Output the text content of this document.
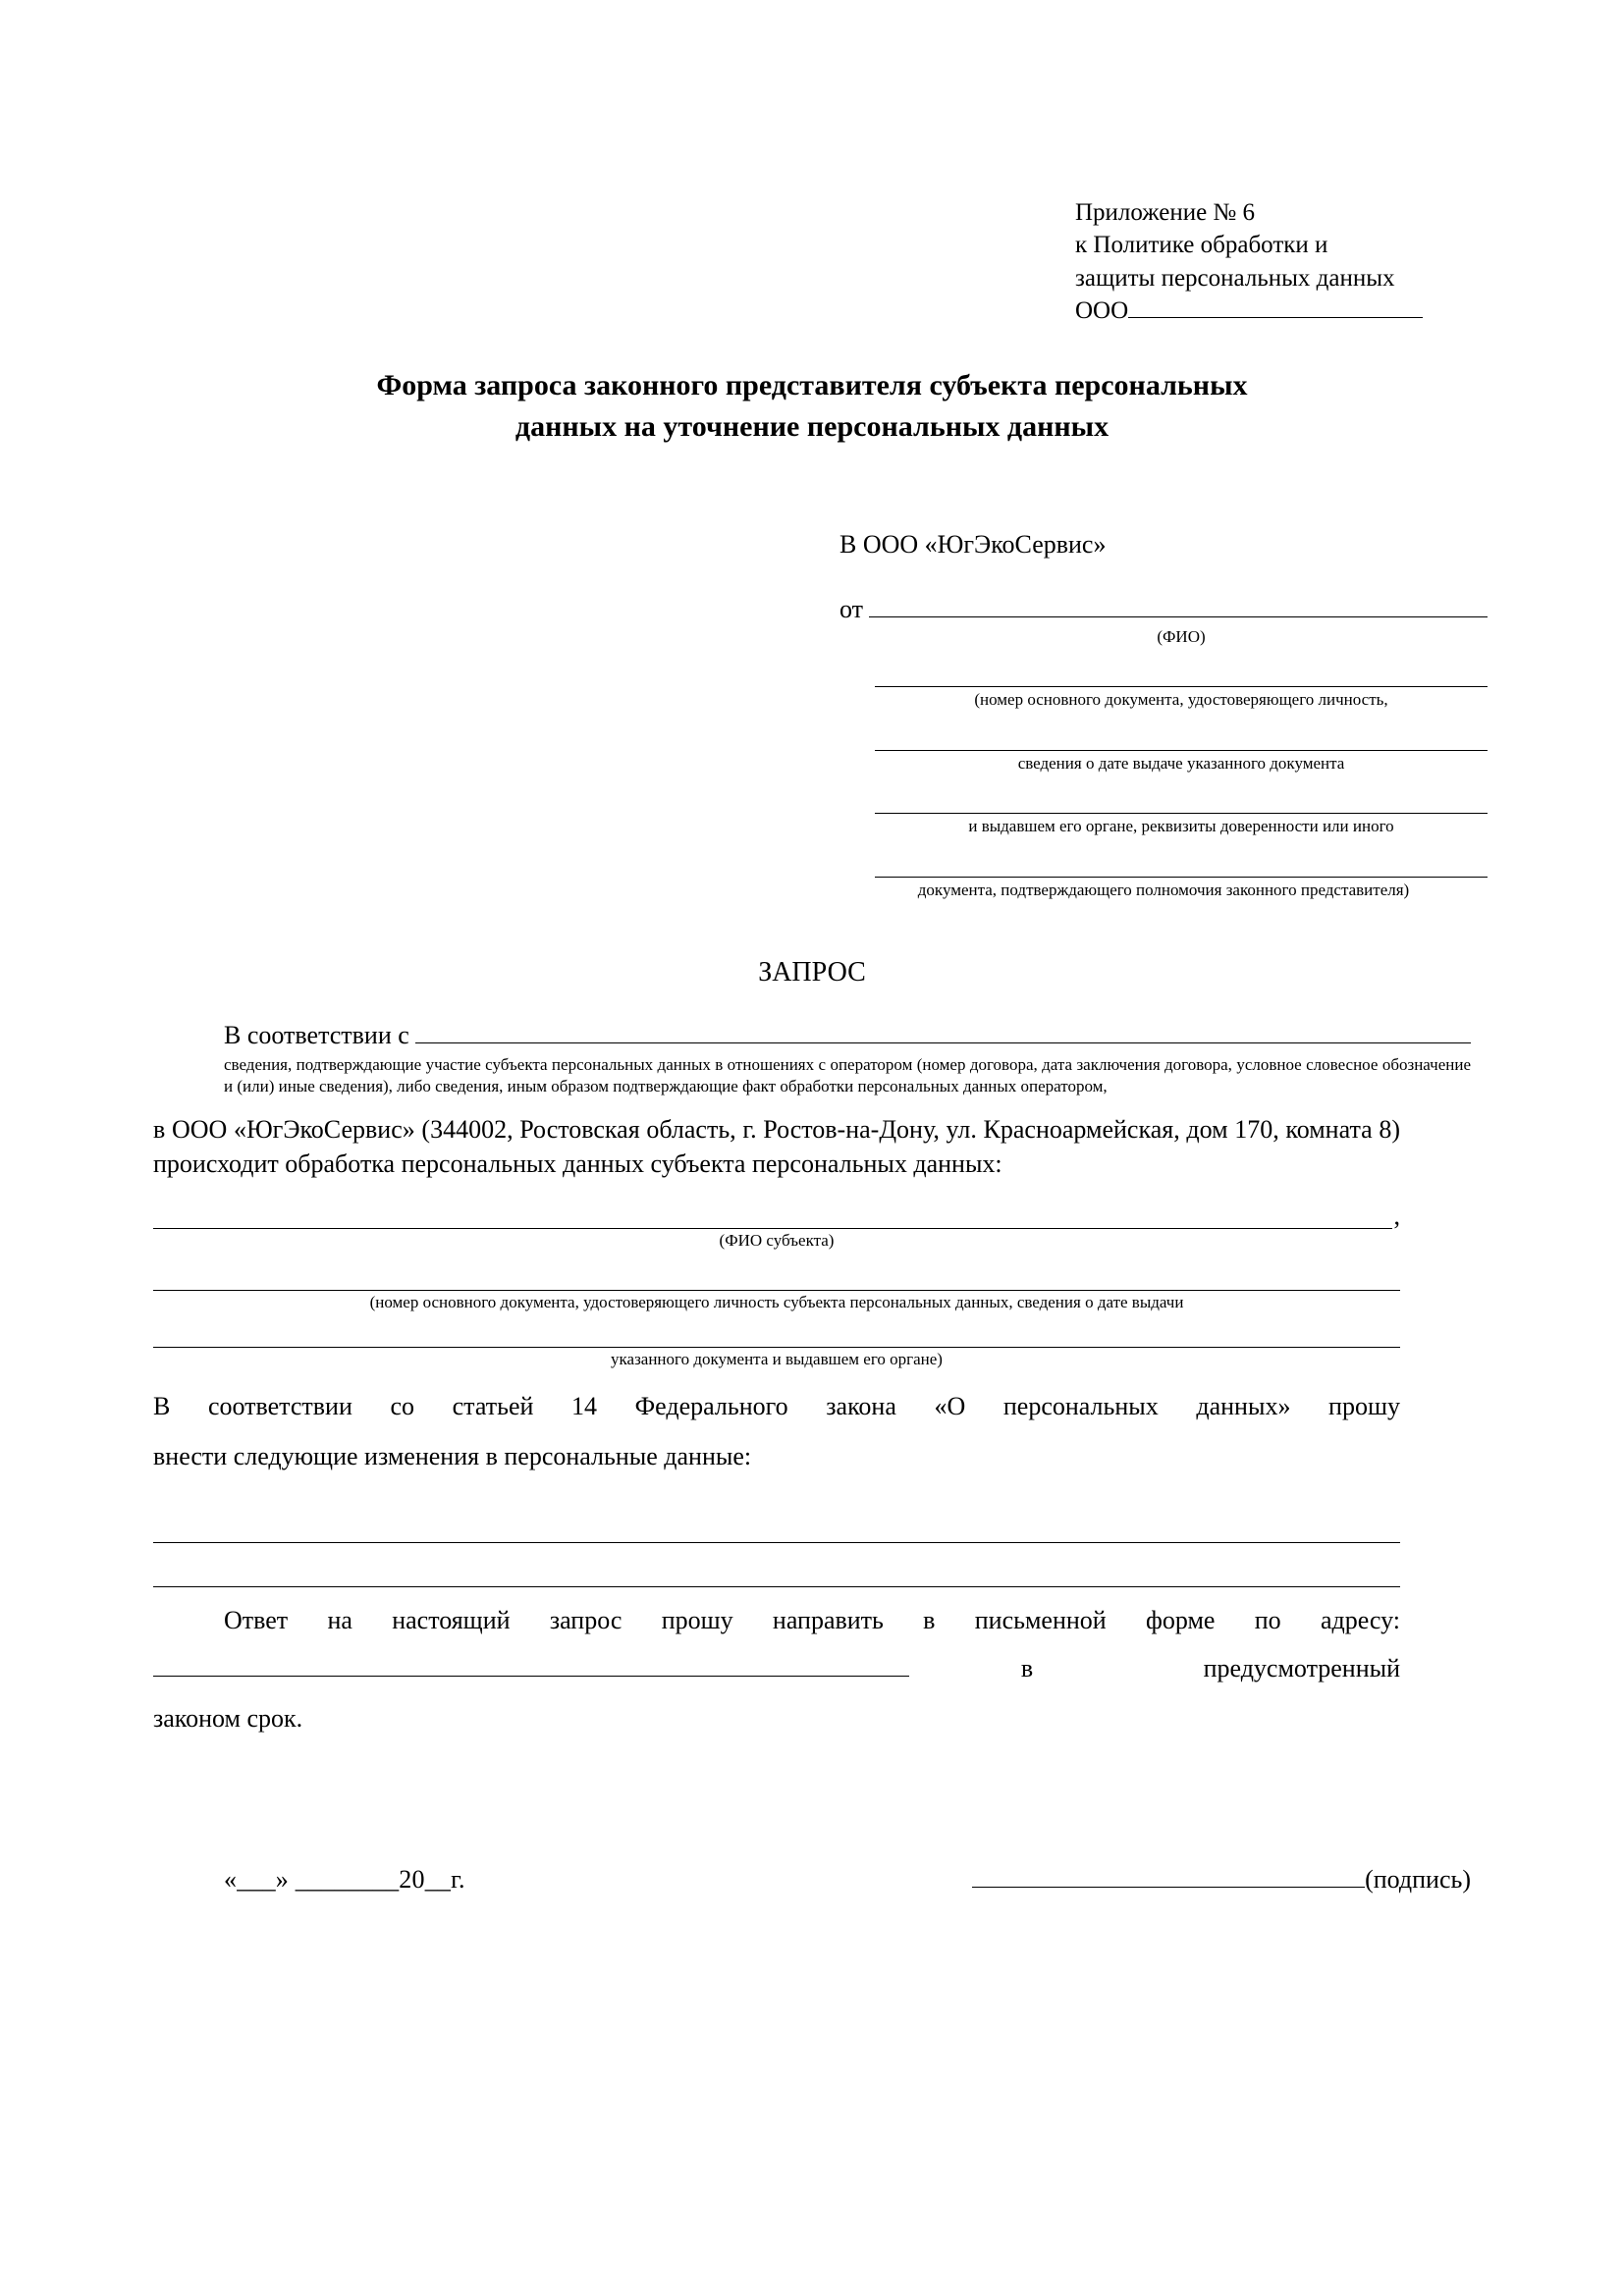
Приложение № 6
к Политике обработки и
защиты персональных данных
ООО
Форма запроса законного представителя субъекта персональных
данных на уточнение персональных данных
В ООО «ЮгЭкоСервис»
от
(ФИО)
(номер основного документа, удостоверяющего личность,
сведения о дате выдаче указанного документа
и выдавшем его органе, реквизиты доверенности или иного
документа, подтверждающего полномочия законного представителя)
ЗАПРОС
В соответствии с
сведения, подтверждающие участие субъекта персональных данных в отношениях с оператором (номер договора, дата заключения договора, условное словесное обозначение и (или) иные сведения), либо сведения, иным образом подтверждающие факт обработки персональных данных оператором,
в ООО «ЮгЭкоСервис» (344002, Ростовская область, г. Ростов-на-Дону, ул. Красноармейская, дом 170, комната 8) происходит обработка персональных данных субъекта персональных данных:
,
(ФИО субъекта)
(номер основного документа, удостоверяющего личность субъекта персональных данных, сведения о дате выдачи
указанного документа и выдавшем его органе)
В соответствии со статьей 14 Федерального закона «О персональных данных» прошу
внести следующие изменения в персональные данные:
Ответ на настоящий запрос прошу направить в письменной форме по адресу:
в	предусмотренный
законом срок.
«___» ________20__г.	(подпись)
